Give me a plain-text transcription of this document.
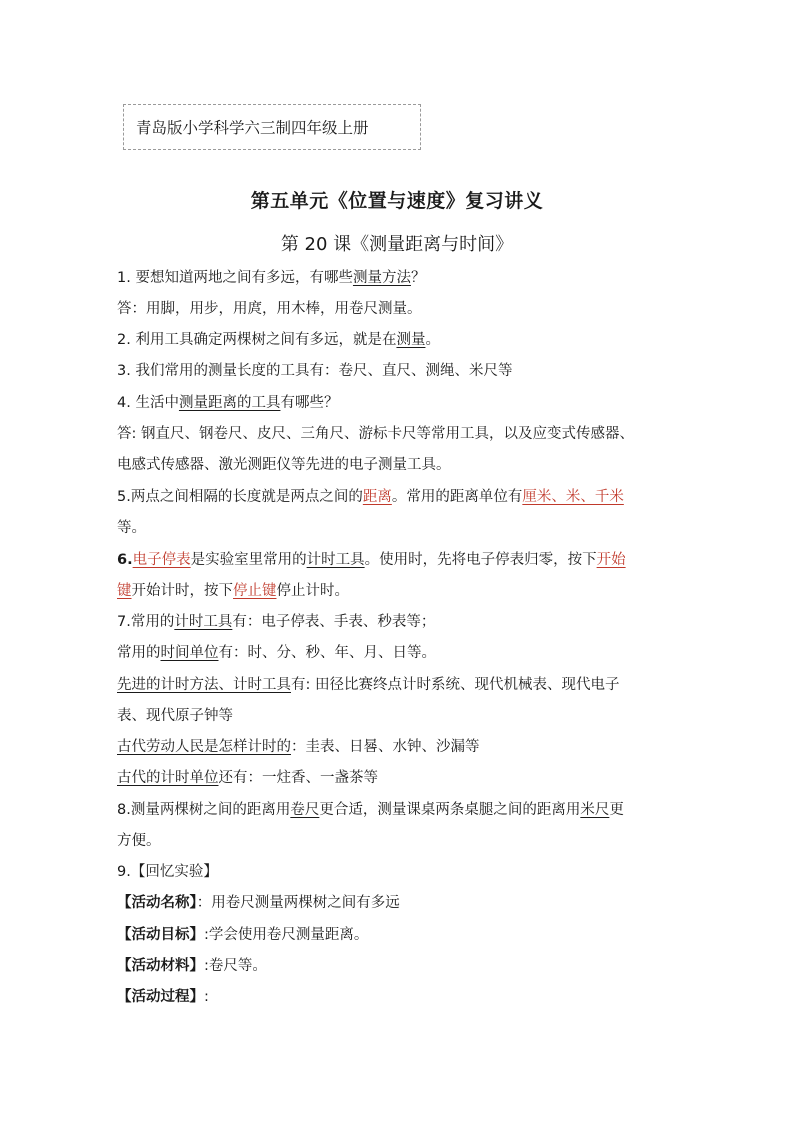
青岛版小学科学六三制四年级上册
第五单元《位置与速度》复习讲义
第 20 课《测量距离与时间》
1. 要想知道两地之间有多远，有哪些测量方法？
答：用脚，用步，用庹，用木棒，用卷尺测量。
2. 利用工具确定两棵树之间有多远，就是在测量。
3. 我们常用的测量长度的工具有：卷尺、直尺、测绳、米尺等
4. 生活中测量距离的工具有哪些？
答: 钢直尺、钢卷尺、皮尺、三角尺、游标卡尺等常用工具，以及应变式传感器、
电感式传感器、激光测距仪等先进的电子测量工具。
5.两点之间相隔的长度就是两点之间的距离。常用的距离单位有厘米、米、千米
等。
6.电子停表是实验室里常用的计时工具。使用时，先将电子停表归零，按下开始
键开始计时，按下停止键停止计时。
7.常用的计时工具有：电子停表、手表、秒表等；
常用的时间单位有：时、分、秒、年、月、日等。
先进的计时方法、计时工具有: 田径比赛终点计时系统、现代机械表、现代电子
表、现代原子钟等
古代劳动人民是怎样计时的：圭表、日晷、水钟、沙漏等
古代的计时单位还有：一炷香、一盏茶等
8.测量两棵树之间的距离用卷尺更合适，测量课桌两条桌腿之间的距离用米尺更
方便。
9.【回忆实验】
【活动名称】：用卷尺测量两棵树之间有多远
【活动目标】:学会使用卷尺测量距离。
【活动材料】:卷尺等。
【活动过程】:
